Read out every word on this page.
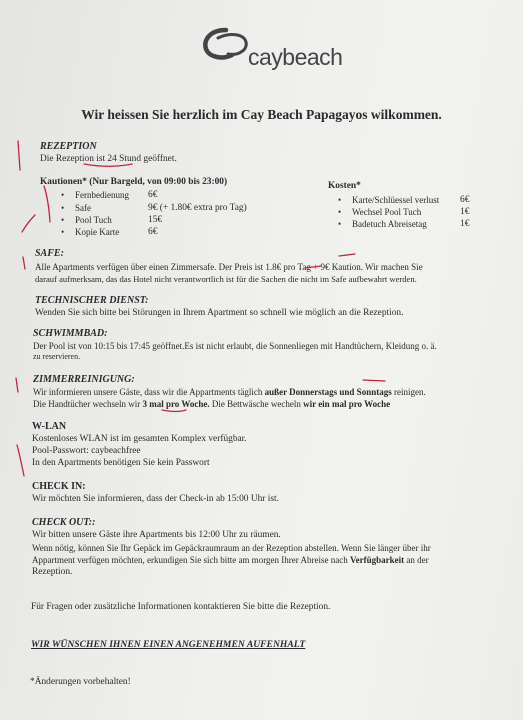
caybeach
Wir heissen Sie herzlich im Cay Beach Papagayos wilkommen.
REZEPTION
Die Rezeption ist 24 Stund geöffnet.
Kautionen* (Nur Bargeld, von 09:00 bis 23:00)
• Fernbedienung 6€
• Safe	9€ (+ 1.80€ extra pro Tag)
• Pool Tuch	15€
• Kopie Karte	6€
Kosten*
• Karte/Schlüessel verlust 6€
• Wechsel Pool Tuch	1€
• Badetuch Abreisetag	1€
SAFE:
Alle Apartments verfügen über einen Zimmersafe. Der Preis ist 1.8€ pro Tag + 9€ Kaution. Wir machen Sie
darauf aufmerksam, das das Hotel nicht verantwortlich ist für die Sachen die nicht im Safe aufbewahrt werden.
TECHNISCHER DIENST:
Wenden Sie sich bitte bei Störungen in Ihrem Apartment so schnell wie möglich an die Rezeption.
SCHWIMMBAD:
Der Pool ist von 10:15 bis 17:45 geöffnet.Es ist nicht erlaubt, die Sonnenliegen mit Handtüchern, Kleidung o. ä.
zu reservieren.
ZIMMERREINIGUNG:
Wir informieren unsere Gäste, dass wir die Appartments täglich außer Donnerstags und Sonntags reinigen.
Die Handtücher wechseln wir 3 mal pro Woche. Die Bettwäsche wecheln wir ein mal pro Woche
W-LAN
Kostenloses WLAN ist im gesamten Komplex verfügbar.
Pool-Passwort: caybeachfree
In den Apartments benötigen Sie kein Passwort
CHECK IN:
Wir möchten Sie informieren, dass der Check-in ab 15:00 Uhr ist.
CHECK OUT::
Wir bitten unsere Gäste ihre Apartments bis 12:00 Uhr zu räumen.
Wenn nötig, können Sie Ihr Gepäck im Gepäckraumraum an der Rezeption abstellen. Wenn Sie länger über ihr
Appartment verfügen möchten, erkundigen Sie sich bitte am morgen Ihrer Abreise nach Verfügbarkeit an der
Rezeption.
Für Fragen oder zusätzliche Informationen kontaktieren Sie bitte die Rezeption.
WIR WÜNSCHEN IHNEN EINEN ANGENEHMEN AUFENHALT
*Änderungen vorbehalten!
